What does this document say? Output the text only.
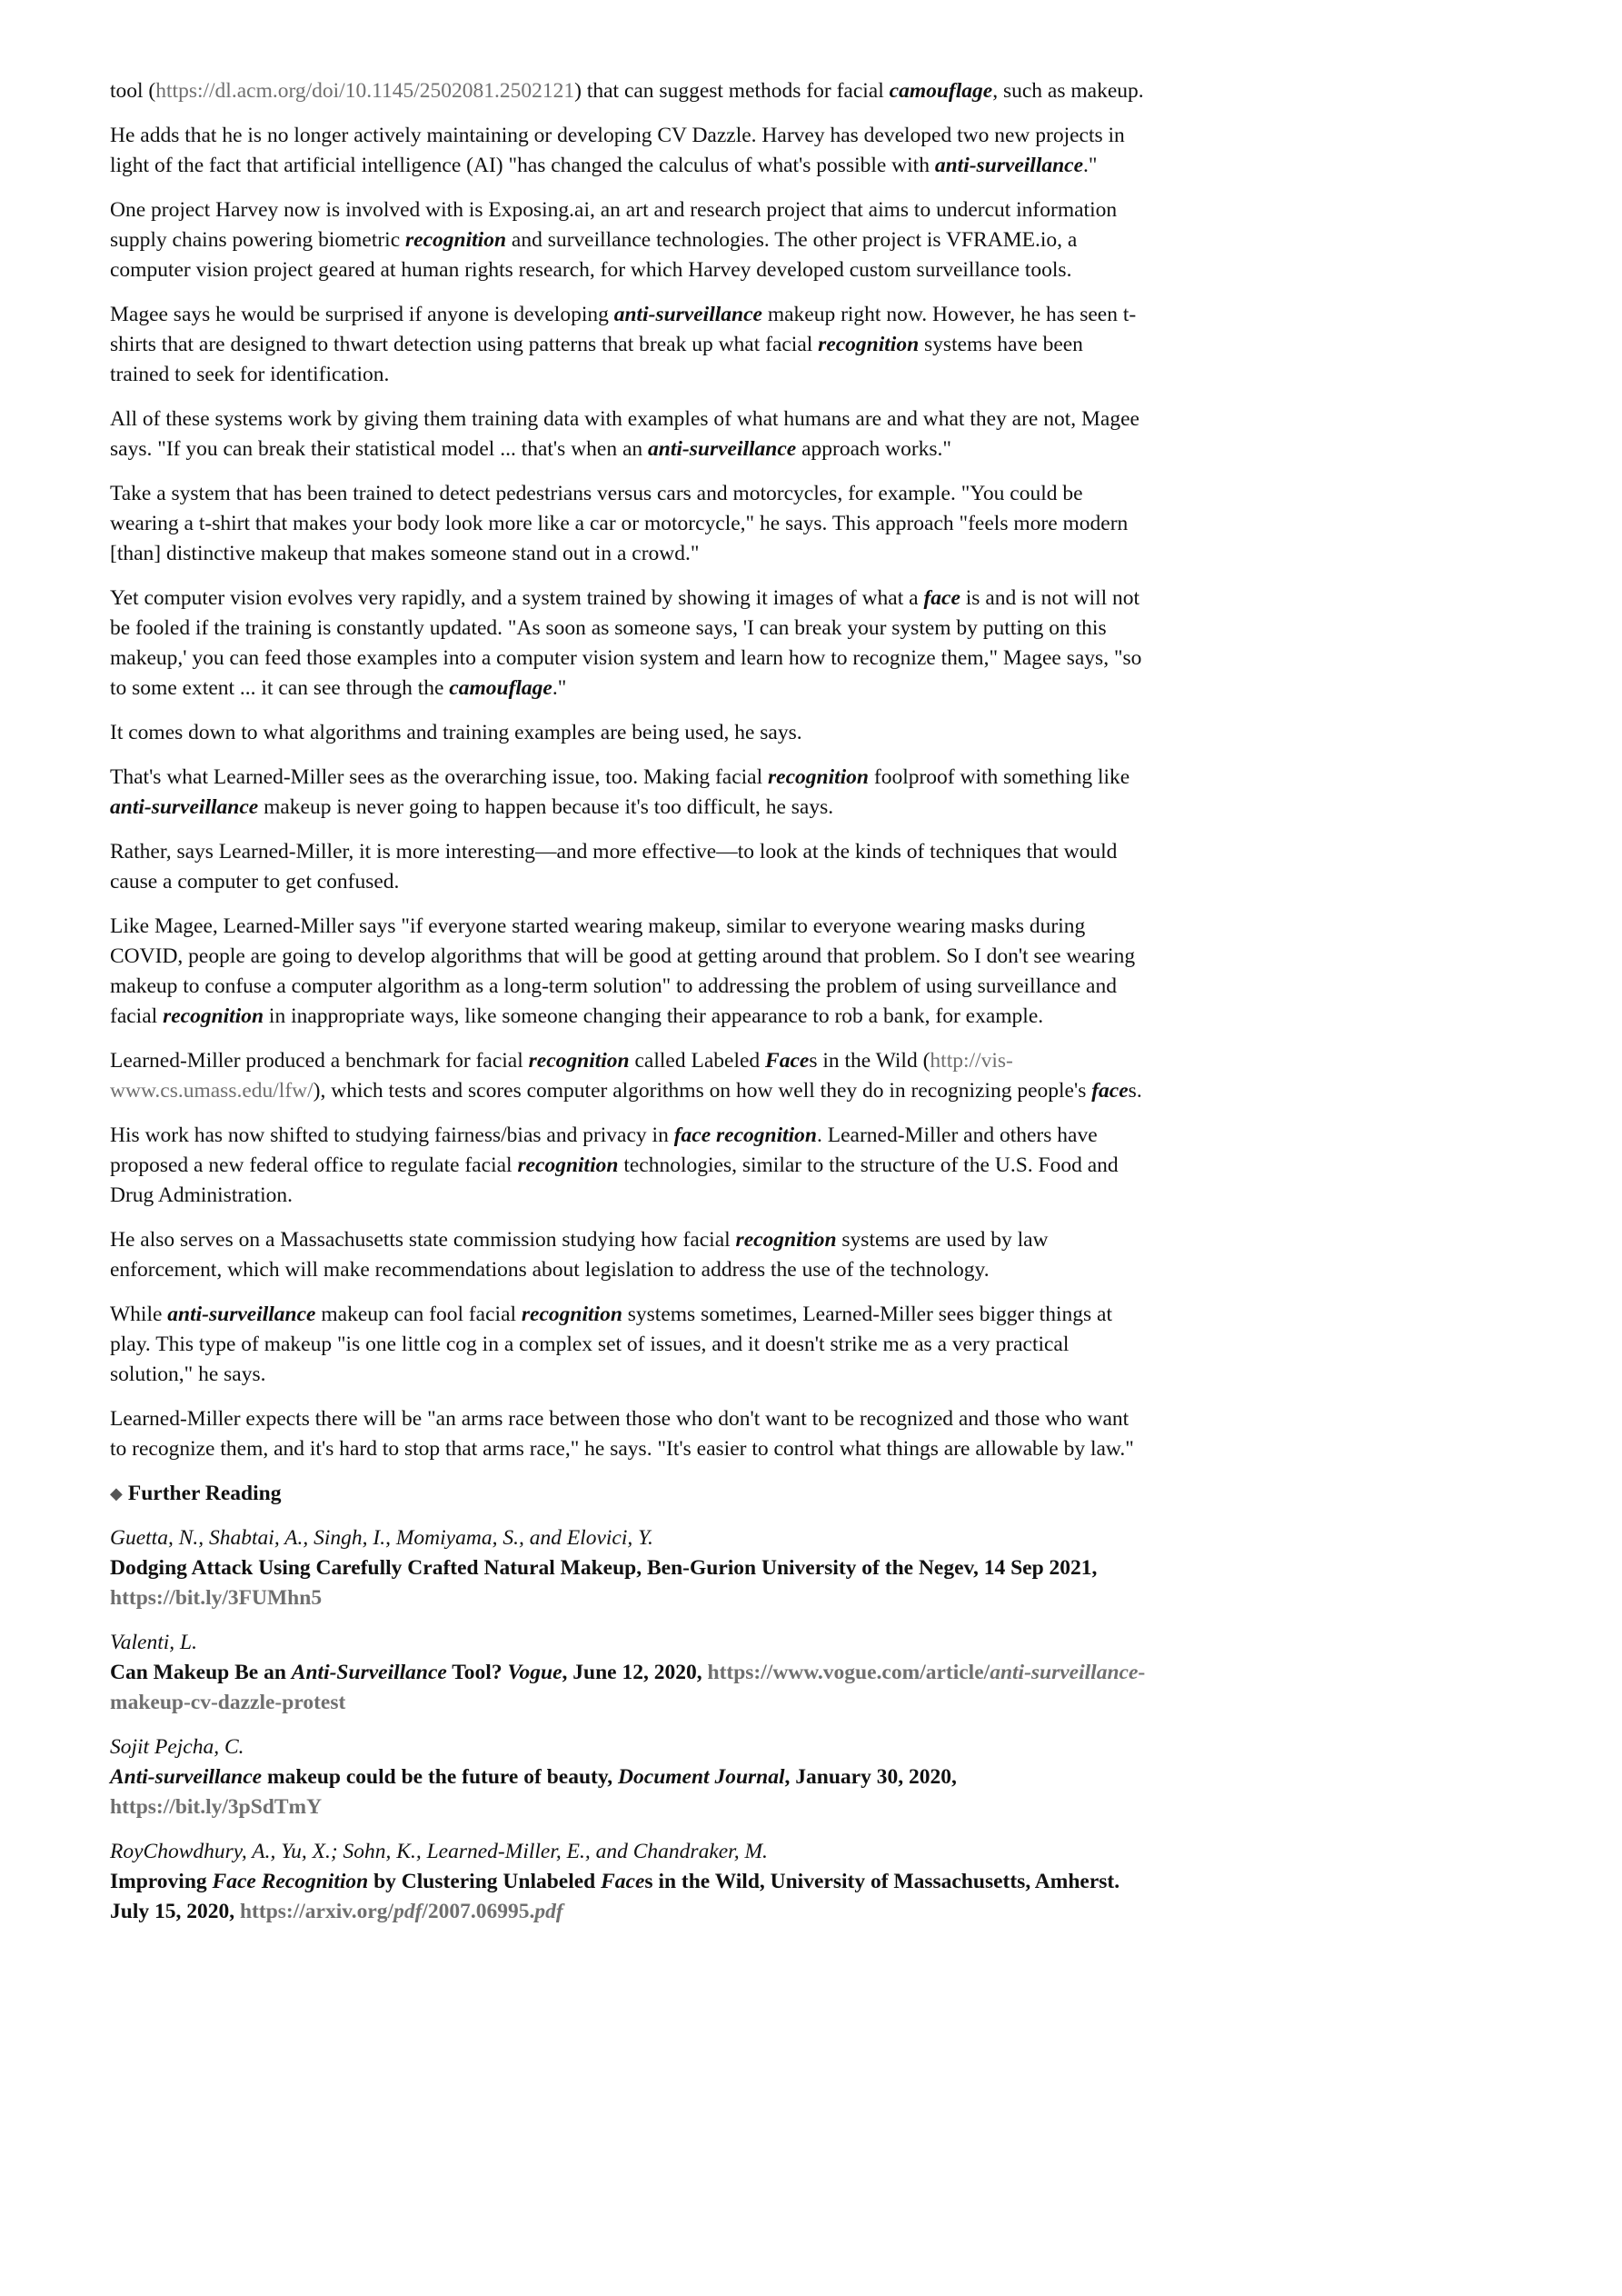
tool (https://dl.acm.org/doi/10.1145/2502081.2502121) that can suggest methods for facial camouflage, such as makeup.

He adds that he is no longer actively maintaining or developing CV Dazzle. Harvey has developed two new projects in light of the fact that artificial intelligence (AI) "has changed the calculus of what's possible with anti-surveillance."

One project Harvey now is involved with is Exposing.ai, an art and research project that aims to undercut information supply chains powering biometric recognition and surveillance technologies. The other project is VFRAME.io, a computer vision project geared at human rights research, for which Harvey developed custom surveillance tools.

Magee says he would be surprised if anyone is developing anti-surveillance makeup right now. However, he has seen t-shirts that are designed to thwart detection using patterns that break up what facial recognition systems have been trained to seek for identification.

All of these systems work by giving them training data with examples of what humans are and what they are not, Magee says. "If you can break their statistical model ... that's when an anti-surveillance approach works."

Take a system that has been trained to detect pedestrians versus cars and motorcycles, for example. "You could be wearing a t-shirt that makes your body look more like a car or motorcycle," he says. This approach "feels more modern [than] distinctive makeup that makes someone stand out in a crowd."

Yet computer vision evolves very rapidly, and a system trained by showing it images of what a face is and is not will not be fooled if the training is constantly updated. "As soon as someone says, 'I can break your system by putting on this makeup,' you can feed those examples into a computer vision system and learn how to recognize them," Magee says, "so to some extent ... it can see through the camouflage."

It comes down to what algorithms and training examples are being used, he says.

That's what Learned-Miller sees as the overarching issue, too. Making facial recognition foolproof with something like anti-surveillance makeup is never going to happen because it's too difficult, he says.

Rather, says Learned-Miller, it is more interesting—and more effective—to look at the kinds of techniques that would cause a computer to get confused.

Like Magee, Learned-Miller says "if everyone started wearing makeup, similar to everyone wearing masks during COVID, people are going to develop algorithms that will be good at getting around that problem. So I don't see wearing makeup to confuse a computer algorithm as a long-term solution" to addressing the problem of using surveillance and facial recognition in inappropriate ways, like someone changing their appearance to rob a bank, for example.

Learned-Miller produced a benchmark for facial recognition called Labeled Faces in the Wild (http://vis-www.cs.umass.edu/lfw/), which tests and scores computer algorithms on how well they do in recognizing people's faces.

His work has now shifted to studying fairness/bias and privacy in face recognition. Learned-Miller and others have proposed a new federal office to regulate facial recognition technologies, similar to the structure of the U.S. Food and Drug Administration.

He also serves on a Massachusetts state commission studying how facial recognition systems are used by law enforcement, which will make recommendations about legislation to address the use of the technology.

While anti-surveillance makeup can fool facial recognition systems sometimes, Learned-Miller sees bigger things at play. This type of makeup "is one little cog in a complex set of issues, and it doesn't strike me as a very practical solution," he says.

Learned-Miller expects there will be "an arms race between those who don't want to be recognized and those who want to recognize them, and it's hard to stop that arms race," he says. "It's easier to control what things are allowable by law."

◆ Further Reading
Guetta, N., Shabtai, A., Singh, I., Momiyama, S., and Elovici, Y.
Dodging Attack Using Carefully Crafted Natural Makeup, Ben-Gurion University of the Negev, 14 Sep 2021, https://bit.ly/3FUMhn5
Valenti, L.
Can Makeup Be an Anti-Surveillance Tool? Vogue, June 12, 2020, https://www.vogue.com/article/anti-surveillance-makeup-cv-dazzle-protest
Sojit Pejcha, C.
Anti-surveillance makeup could be the future of beauty, Document Journal, January 30, 2020, https://bit.ly/3pSdTmY
RoyChowdhury, A., Yu, X.; Sohn, K., Learned-Miller, E., and Chandraker, M.
Improving Face Recognition by Clustering Unlabeled Faces in the Wild, University of Massachusetts, Amherst. July 15, 2020, https://arxiv.org/pdf/2007.06995.pdf
